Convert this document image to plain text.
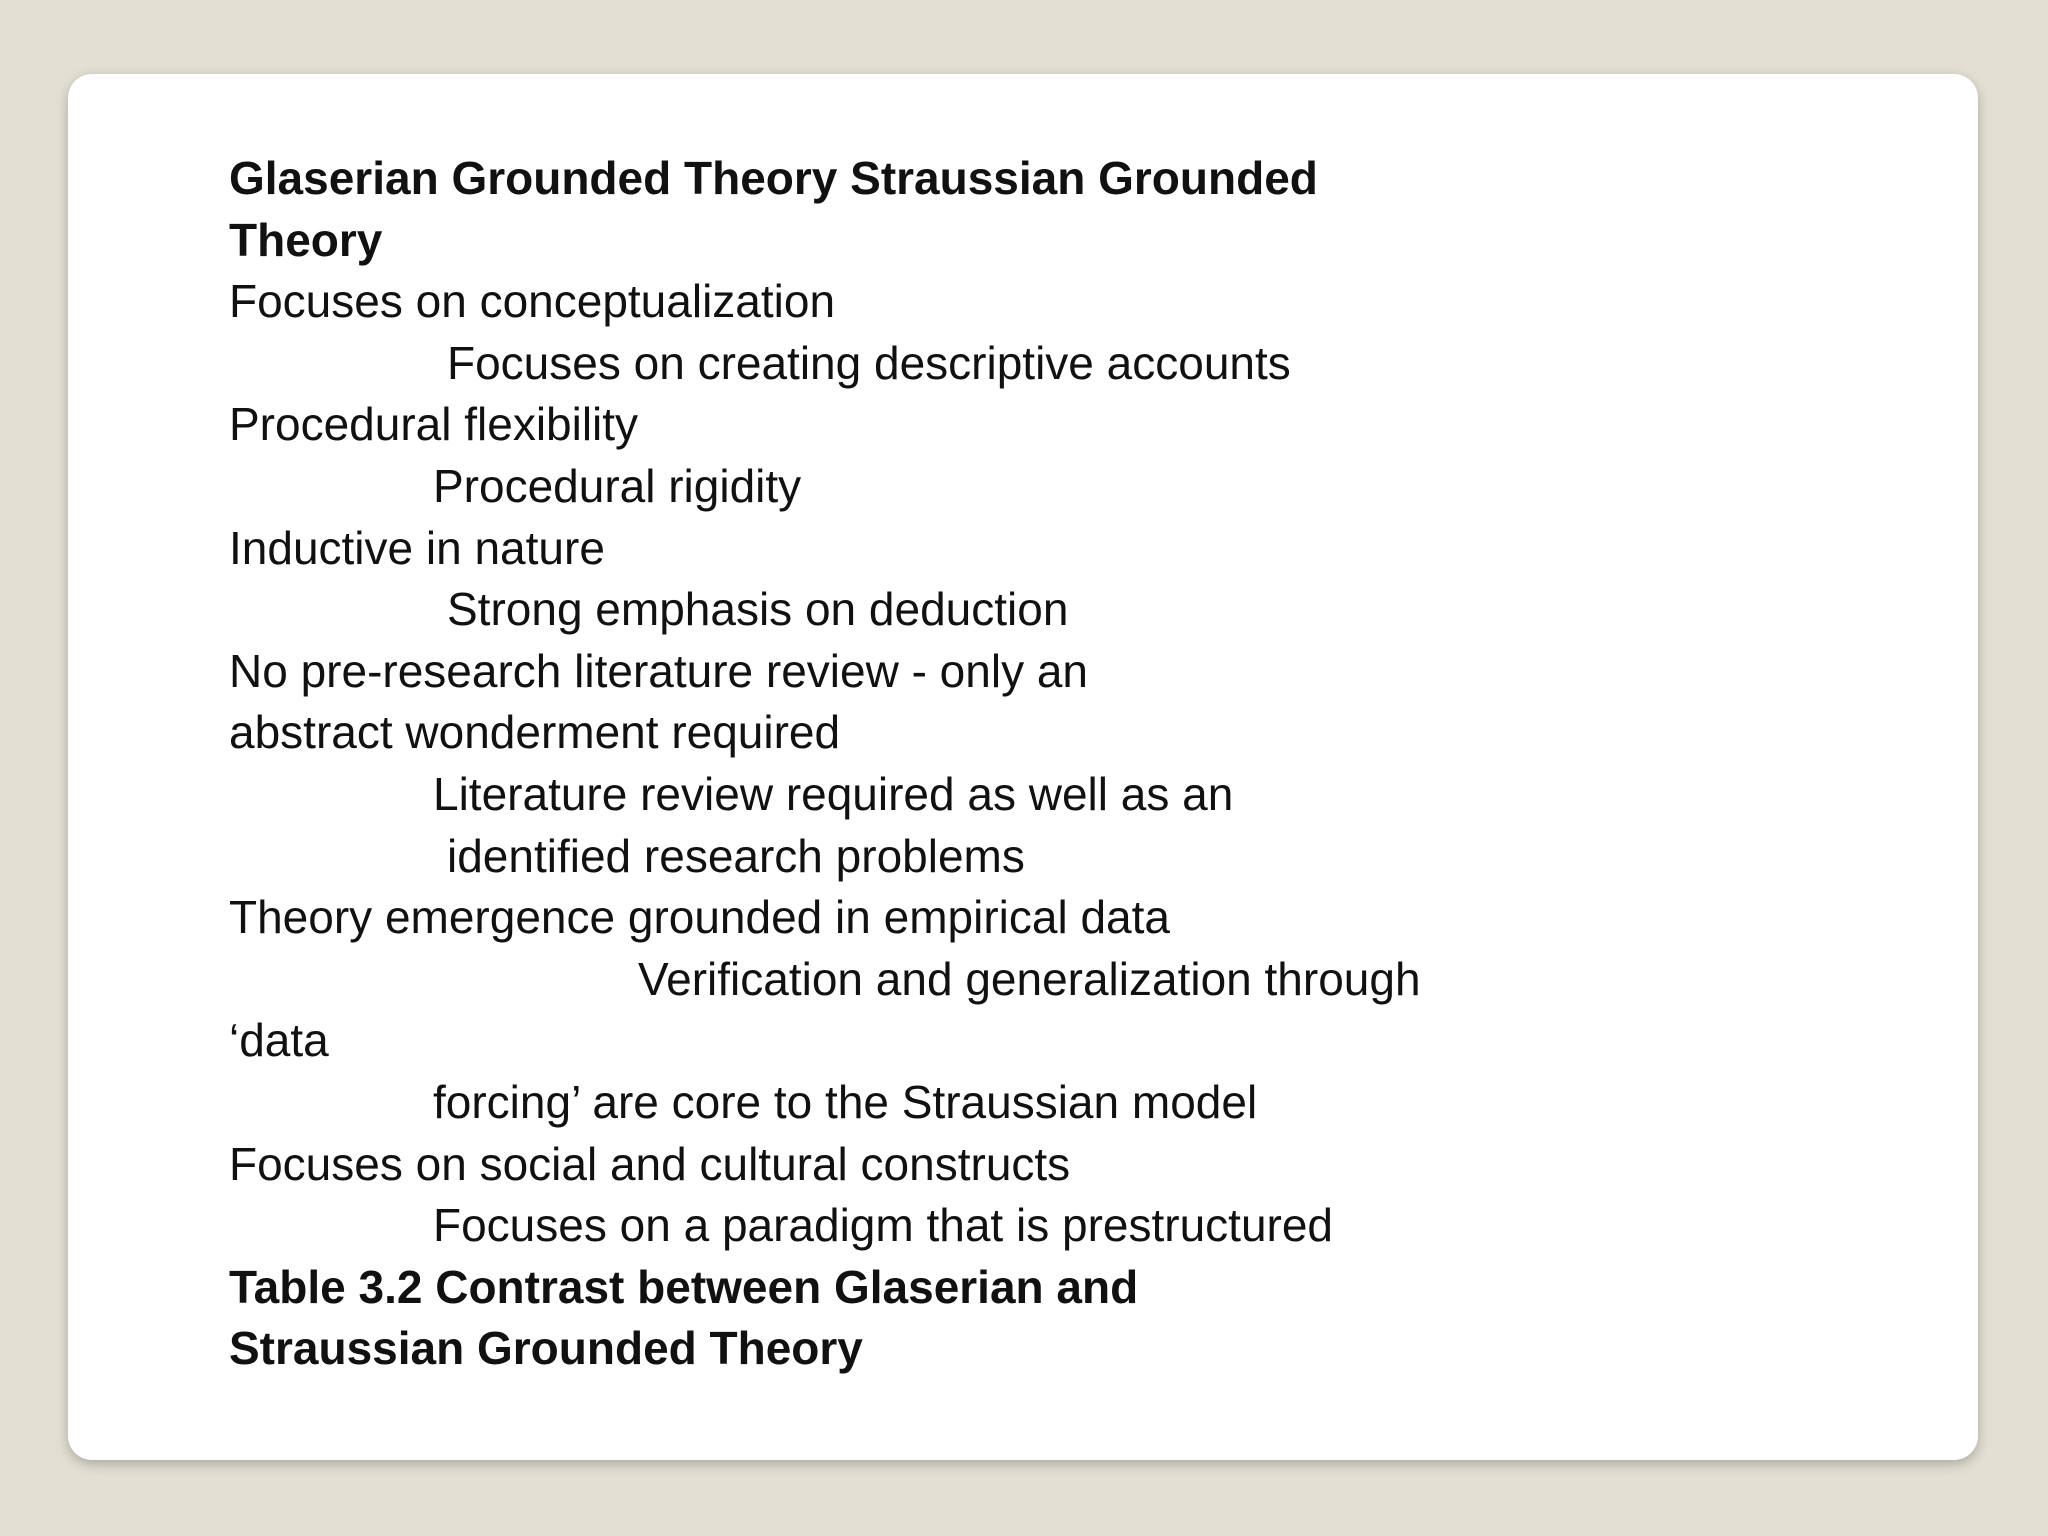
Glaserian Grounded Theory Straussian Grounded
Theory
Focuses on conceptualization
Focuses on creating descriptive accounts
Procedural flexibility
Procedural rigidity
Inductive in nature
Strong emphasis on deduction
No pre-research literature review - only an
abstract wonderment required
Literature review required as well as an
identified research problems
Theory emergence grounded in empirical data
Verification and generalization through
‘data
forcing’ are core to the Straussian model
Focuses on social and cultural constructs
Focuses on a paradigm that is prestructured
Table 3.2 Contrast between Glaserian and
Straussian Grounded Theory
